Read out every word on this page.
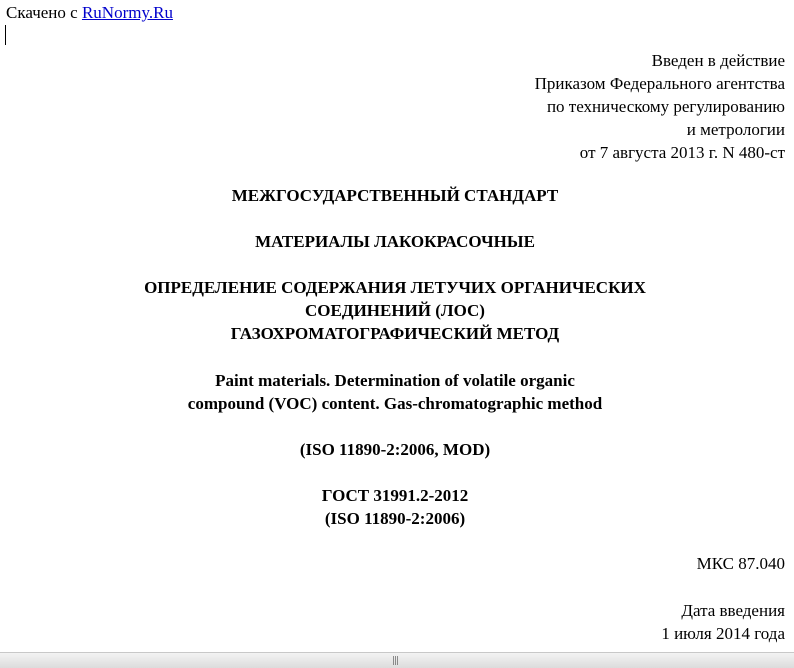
Скачено с RuNormy.Ru
Введен в действие
Приказом Федерального агентства
по техническому регулированию
и метрологии
от 7 августа 2013 г. N 480-ст
МЕЖГОСУДАРСТВЕННЫЙ СТАНДАРТ
МАТЕРИАЛЫ ЛАКОКРАСОЧНЫЕ
ОПРЕДЕЛЕНИЕ СОДЕРЖАНИЯ ЛЕТУЧИХ ОРГАНИЧЕСКИХ
СОЕДИНЕНИЙ (ЛОС)
ГАЗОХРОМАТОГРАФИЧЕСКИЙ МЕТОД
Paint materials. Determination of volatile organic
compound (VOC) content. Gas-chromatographic method
(ISO 11890-2:2006, MOD)
ГОСТ 31991.2-2012
(ISO 11890-2:2006)
МКС 87.040
Дата введения
1 июля 2014 года
|||
